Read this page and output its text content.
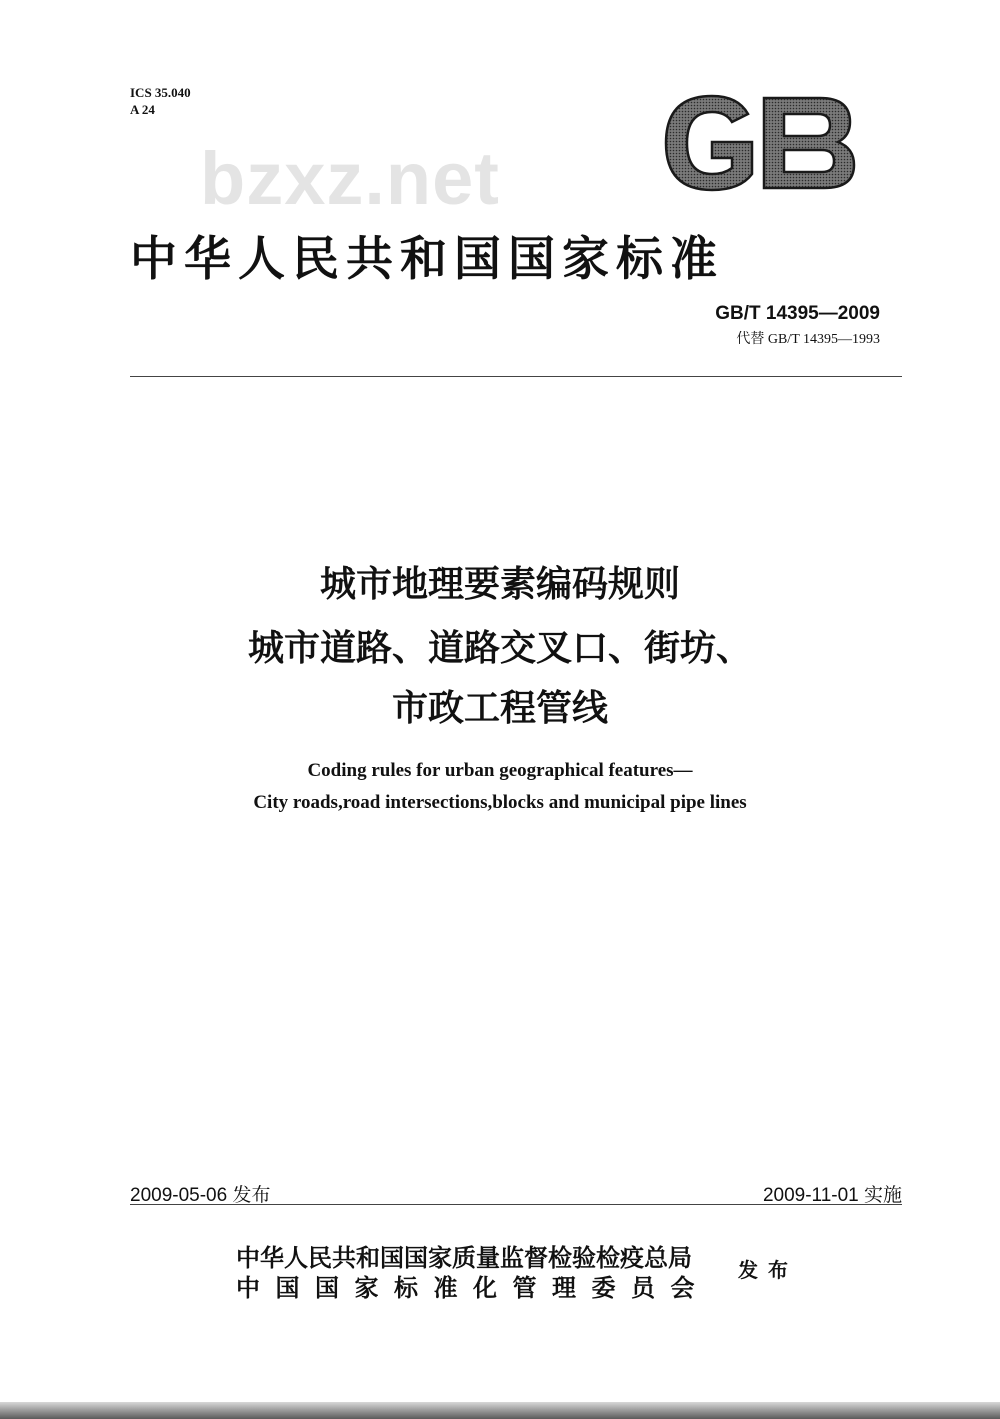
ICS 35.040
A 24
bzxz.net
GB
中华人民共和国国家标准
GB/T 14395—2009
代替 GB/T 14395—1993
城市地理要素编码规则
城市道路、道路交叉口、街坊、
市政工程管线
Coding rules for urban geographical features—
City roads,road intersections,blocks and municipal pipe lines
2009-05-06 发布	2009-11-01 实施
中华人民共和国国家质量监督检验检疫总局
中国国家标准化管理委员会
发布
